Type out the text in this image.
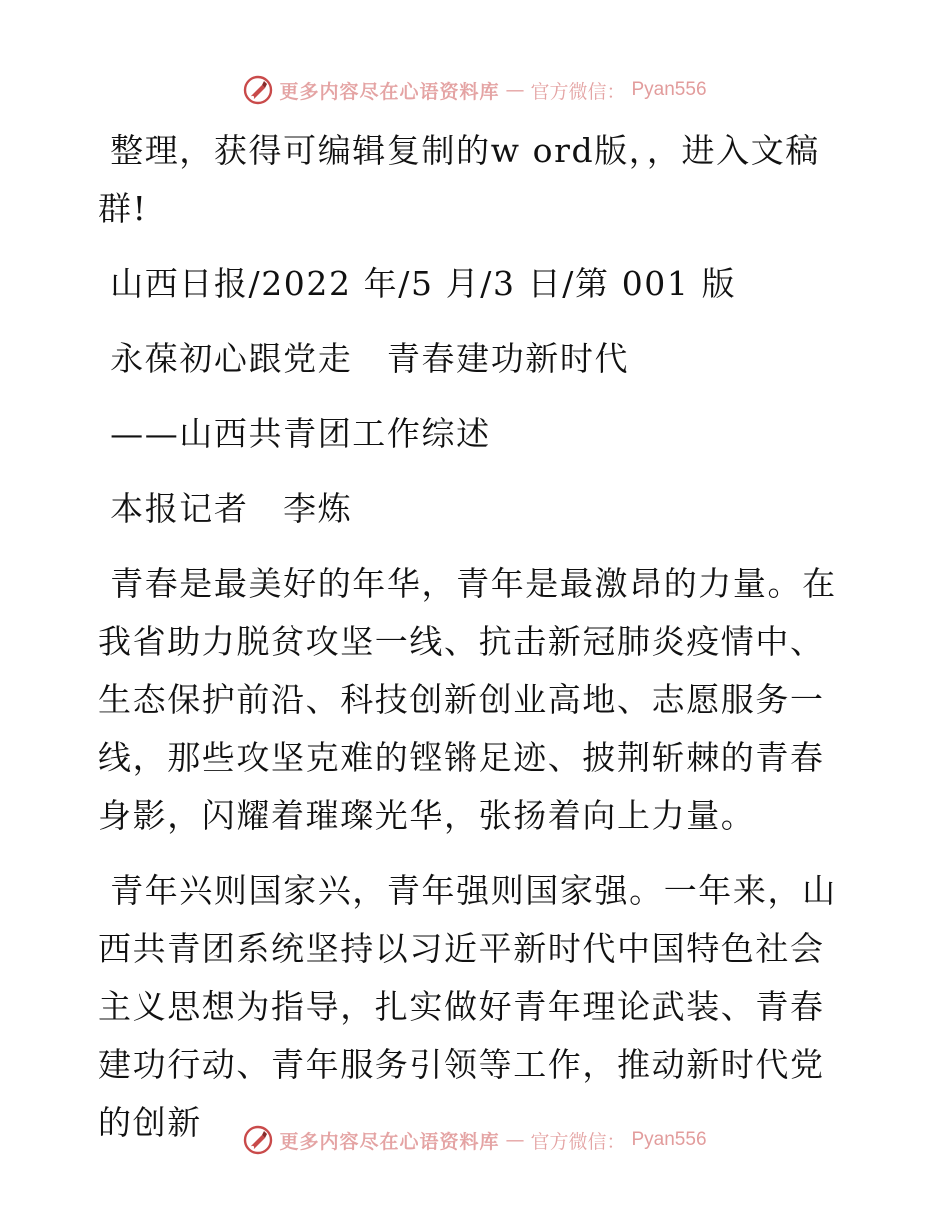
更多内容尽在心语资料库 — 官方微信： Pyan556

整理，获得可编辑复制的w ord版，，进入文稿群!

山西日报/2022 年/5 月/3 日/第 001 版

永葆初心跟党走　青春建功新时代

——山西共青团工作综述

本报记者　李炼

青春是最美好的年华，青年是最激昂的力量。在我省助力脱贫攻坚一线、抗击新冠肺炎疫情中、生态保护前沿、科技创新创业高地、志愿服务一线，那些攻坚克难的铿锵足迹、披荆斩棘的青春身影，闪耀着璀璨光华，张扬着向上力量。

青年兴则国家兴，青年强则国家强。一年来，山西共青团系统坚持以习近平新时代中国特色社会主义思想为指导，扎实做好青年理论武装、青春建功行动、青年服务引领等工作，推动新时代党的创新	更多内容尽在心语资料库 — 官方微信： Pyan556
